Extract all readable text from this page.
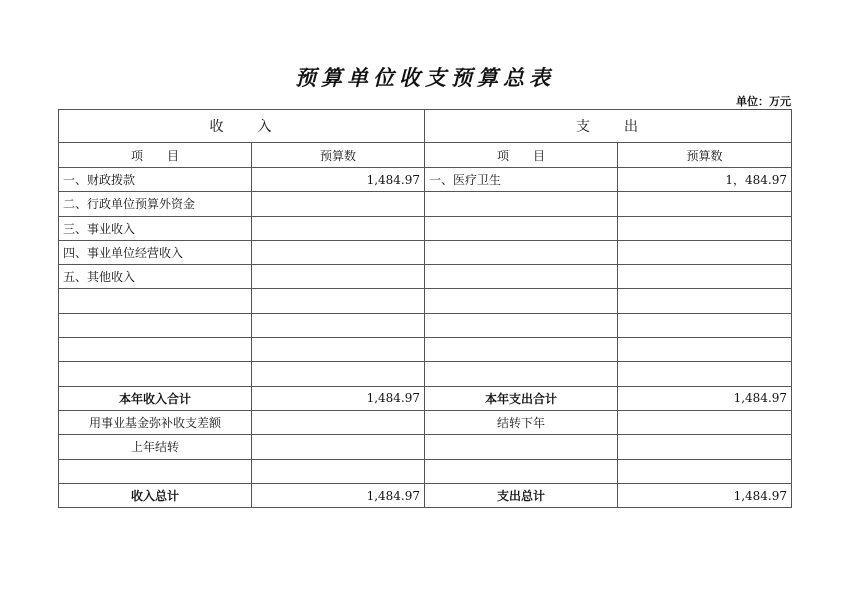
预算单位收支预算总表
单位：万元
收　　入		支　　出	
项　　目	预算数	项　　目	预算数
一、财政拨款	1,484.97	一、医疗卫生	1，484.97
二、行政单位预算外资金			
三、事业收入			
四、事业单位经营收入			
五、其他收入			

本年收入合计	1,484.97	本年支出合计	1,484.97
用事业基金弥补收支差额		结转下年	
上年结转			

收入总计	1,484.97	支出总计	1,484.97
